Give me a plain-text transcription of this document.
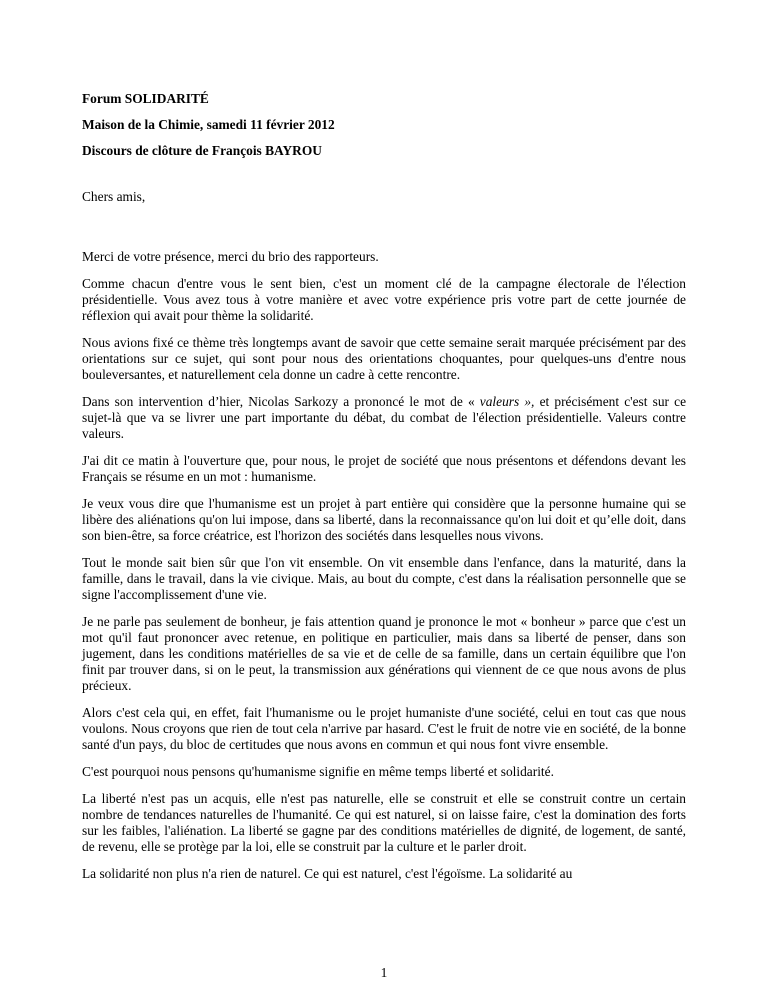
Forum SOLIDARITÉ

Maison de la Chimie, samedi 11 février 2012

Discours de clôture de François BAYROU

Chers amis,

Merci de votre présence, merci du brio des rapporteurs.

Comme chacun d'entre vous le sent bien, c'est un moment clé de la campagne électorale de l'élection présidentielle. Vous avez tous à votre manière et avec votre expérience pris votre part de cette journée de réflexion qui avait pour thème la solidarité.

Nous avions fixé ce thème très longtemps avant de savoir que cette semaine serait marquée précisément par des orientations sur ce sujet, qui sont pour nous des orientations choquantes, pour quelques-uns d'entre nous bouleversantes, et naturellement cela donne un cadre à cette rencontre.

Dans son intervention d’hier, Nicolas Sarkozy a prononcé le mot de « valeurs », et précisément c'est sur ce sujet-là que va se livrer une part importante du débat, du combat de l'élection présidentielle. Valeurs contre valeurs.

J'ai dit ce matin à l'ouverture que, pour nous, le projet de société que nous présentons et défendons devant les Français se résume en un mot : humanisme.

Je veux vous dire que l'humanisme est un projet à part entière qui considère que la personne humaine qui se libère des aliénations qu'on lui impose, dans sa liberté, dans la reconnaissance qu'on lui doit et qu’elle doit, dans son bien-être, sa force créatrice, est l'horizon des sociétés dans lesquelles nous vivons.

Tout le monde sait bien sûr que l'on vit ensemble. On vit ensemble dans l'enfance, dans la maturité, dans la famille, dans le travail, dans la vie civique. Mais, au bout du compte, c'est dans la réalisation personnelle que se signe l'accomplissement d'une vie.

Je ne parle pas seulement de bonheur, je fais attention quand je prononce le mot « bonheur » parce que c'est un mot qu'il faut prononcer avec retenue, en politique en particulier, mais dans sa liberté de penser, dans son jugement, dans les conditions matérielles de sa vie et de celle de sa famille, dans un certain équilibre que l'on finit par trouver dans, si on le peut, la transmission aux générations qui viennent de ce que nous avons de plus précieux.

Alors c'est cela qui, en effet, fait l'humanisme ou le projet humaniste d'une société, celui en tout cas que nous voulons. Nous croyons que rien de tout cela n'arrive par hasard. C'est le fruit de notre vie en société, de la bonne santé d'un pays, du bloc de certitudes que nous avons en commun et qui nous font vivre ensemble.

C'est pourquoi nous pensons qu'humanisme signifie en même temps liberté et solidarité.

La liberté n'est pas un acquis, elle n'est pas naturelle, elle se construit et elle se construit contre un certain nombre de tendances naturelles de l'humanité. Ce qui est naturel, si on laisse faire, c'est la domination des forts sur les faibles, l'aliénation. La liberté se gagne par des conditions matérielles de dignité, de logement, de santé, de revenu, elle se protège par la loi, elle se construit par la culture et le parler droit.

La solidarité non plus n'a rien de naturel. Ce qui est naturel, c'est l'égoïsme. La solidarité au

1
